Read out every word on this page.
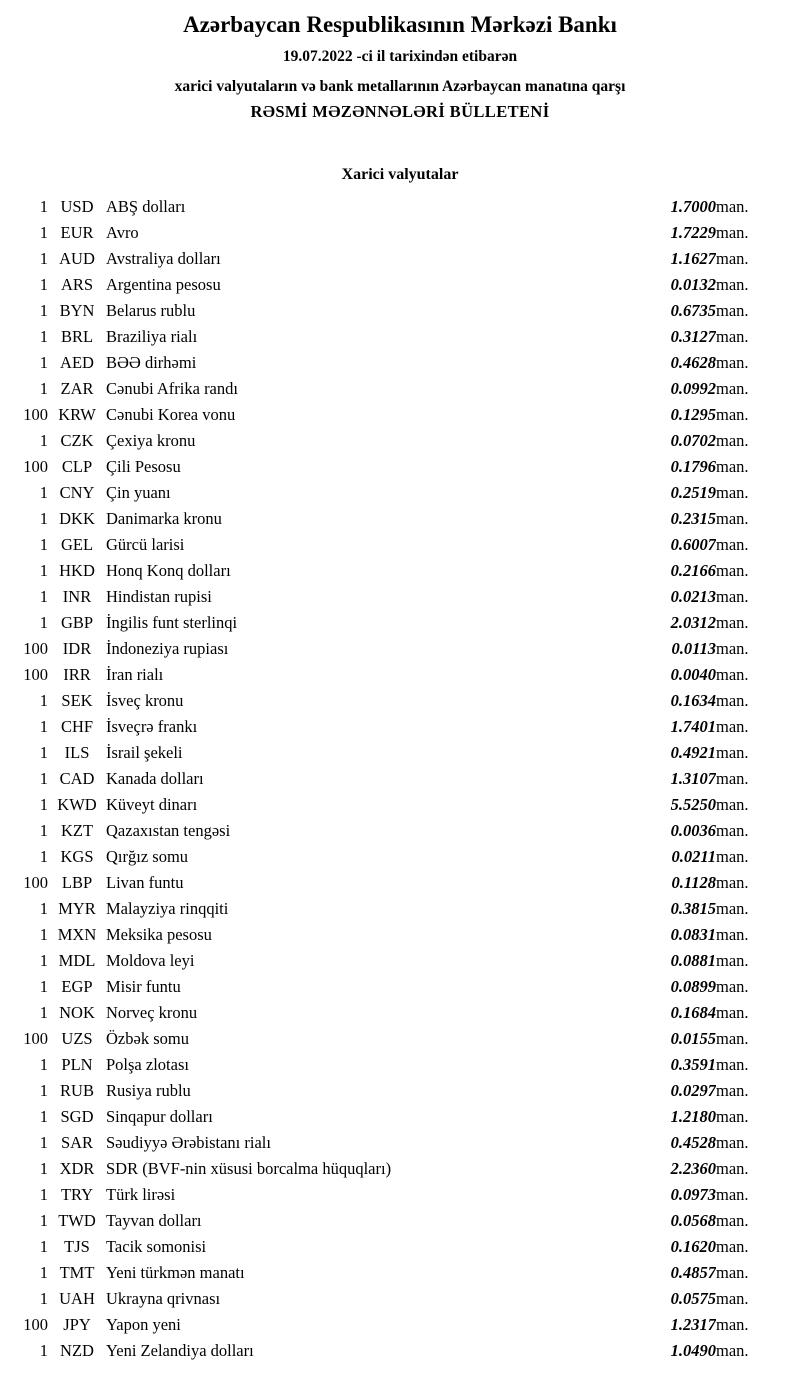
Azərbaycan Respublikasının Mərkəzi Bankı
19.07.2022 -ci il tarixindən etibarən
xarici valyutaların və bank metallarının Azərbaycan manatına qarşı
RƏSMİ MƏZƏNNƏLƏRİ BÜLLETENİ
Xarici valyutalar
1	USD	ABŞ dolları	1.7000	man.
1	EUR	Avro	1.7229	man.
1	AUD	Avstraliya dolları	1.1627	man.
1	ARS	Argentina pesosu	0.0132	man.
1	BYN	Belarus rublu	0.6735	man.
1	BRL	Braziliya rialı	0.3127	man.
1	AED	BƏƏ dirhəmi	0.4628	man.
1	ZAR	Cənubi Afrika randı	0.0992	man.
100	KRW	Cənubi Korea vonu	0.1295	man.
1	CZK	Çexiya kronu	0.0702	man.
100	CLP	Çili Pesosu	0.1796	man.
1	CNY	Çin yuanı	0.2519	man.
1	DKK	Danimarka kronu	0.2315	man.
1	GEL	Gürcü larisi	0.6007	man.
1	HKD	Honq Konq dolları	0.2166	man.
1	INR	Hindistan rupisi	0.0213	man.
1	GBP	İngilis funt sterlinqi	2.0312	man.
100	IDR	İndoneziya rupiası	0.0113	man.
100	IRR	İran rialı	0.0040	man.
1	SEK	İsveç kronu	0.1634	man.
1	CHF	İsveçrə frankı	1.7401	man.
1	ILS	İsrail şekeli	0.4921	man.
1	CAD	Kanada dolları	1.3107	man.
1	KWD	Küveyt dinarı	5.5250	man.
1	KZT	Qazaxıstan tengəsi	0.0036	man.
1	KGS	Qırğız somu	0.0211	man.
100	LBP	Livan funtu	0.1128	man.
1	MYR	Malayziya rinqqiti	0.3815	man.
1	MXN	Meksika pesosu	0.0831	man.
1	MDL	Moldova leyi	0.0881	man.
1	EGP	Misir funtu	0.0899	man.
1	NOK	Norveç kronu	0.1684	man.
100	UZS	Özbək somu	0.0155	man.
1	PLN	Polşa zlotası	0.3591	man.
1	RUB	Rusiya rublu	0.0297	man.
1	SGD	Sinqapur dolları	1.2180	man.
1	SAR	Səudiyyə Ərəbistanı rialı	0.4528	man.
1	XDR	SDR (BVF-nin xüsusi borcalma hüquqları)	2.2360	man.
1	TRY	Türk lirəsi	0.0973	man.
1	TWD	Tayvan dolları	0.0568	man.
1	TJS	Tacik somonisi	0.1620	man.
1	TMT	Yeni türkmən manatı	0.4857	man.
1	UAH	Ukrayna qrivnası	0.0575	man.
100	JPY	Yapon yeni	1.2317	man.
1	NZD	Yeni Zelandiya dolları	1.0490	man.
